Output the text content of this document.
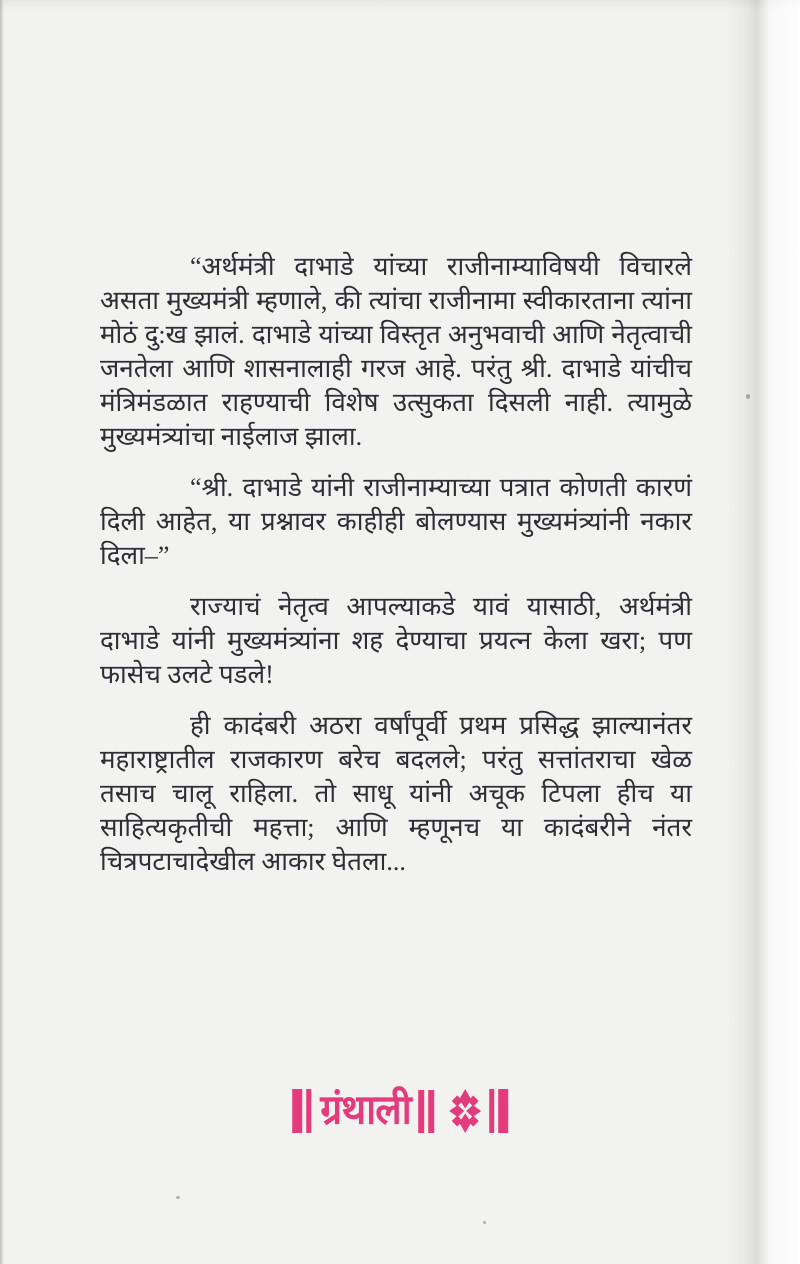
“अर्थमंत्री दाभाडे यांच्या राजीनाम्याविषयी विचारले असता मुख्यमंत्री म्हणाले, की त्यांचा राजीनामा स्वीकारताना त्यांना मोठं दु:ख झालं. दाभाडे यांच्या विस्तृत अनुभवाची आणि नेतृत्वाची जनतेला आणि शासनालाही गरज आहे. परंतु श्री. दाभाडे यांचीच मंत्रिमंडळात राहण्याची विशेष उत्सुकता दिसली नाही. त्यामुळे मुख्यमंत्र्यांचा नाईलाज झाला.

“श्री. दाभाडे यांनी राजीनाम्याच्या पत्रात कोणती कारणं दिली आहेत, या प्रश्नावर काहीही बोलण्यास मुख्यमंत्र्यांनी नकार दिला–”

राज्याचं नेतृत्व आपल्याकडे यावं यासाठी, अर्थमंत्री दाभाडे यांनी मुख्यमंत्र्यांना शह देण्याचा प्रयत्न केला खरा; पण फासेच उलटे पडले!

ही कादंबरी अठरा वर्षांपूर्वी प्रथम प्रसिद्ध झाल्यानंतर महाराष्ट्रातील राजकारण बरेच बदलले; परंतु सत्तांतराचा खेळ तसाच चालू राहिला. तो साधू यांनी अचूक टिपला हीच या साहित्यकृतीची महत्ता; आणि म्हणूनच या कादंबरीने नंतर चित्रपटाचादेखील आकार घेतला...

ग्रंथाली
